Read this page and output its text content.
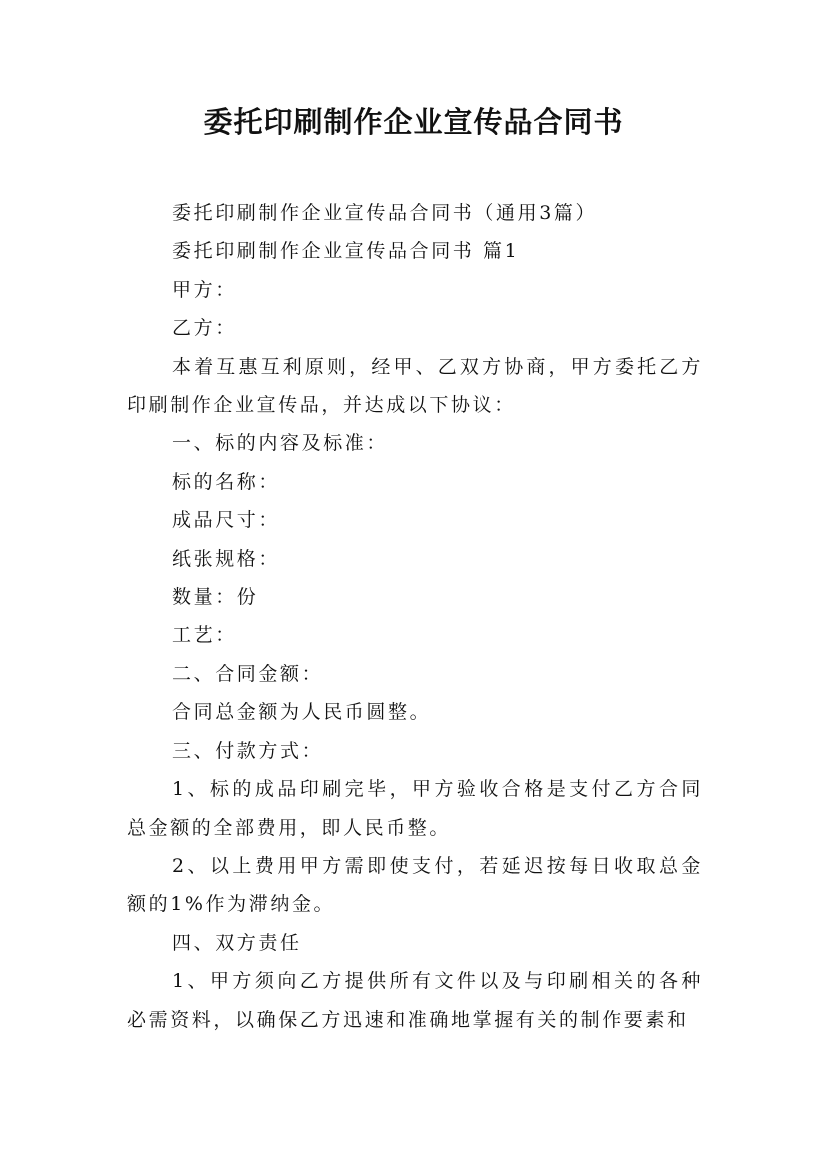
委托印刷制作企业宣传品合同书

委托印刷制作企业宣传品合同书（通用3篇）

委托印刷制作企业宣传品合同书 篇1

甲方：

乙方：

本着互惠互利原则，经甲、乙双方协商，甲方委托乙方印刷制作企业宣传品，并达成以下协议：

一、标的内容及标准：

标的名称：

成品尺寸：

纸张规格：

数量：份

工艺：

二、合同金额：

合同总金额为人民币圆整。

三、付款方式：

1、标的成品印刷完毕，甲方验收合格是支付乙方合同总金额的全部费用，即人民币整。

2、以上费用甲方需即使支付，若延迟按每日收取总金额的1%作为滞纳金。

四、双方责任

1、甲方须向乙方提供所有文件以及与印刷相关的各种必需资料，以确保乙方迅速和准确地掌握有关的制作要素和
